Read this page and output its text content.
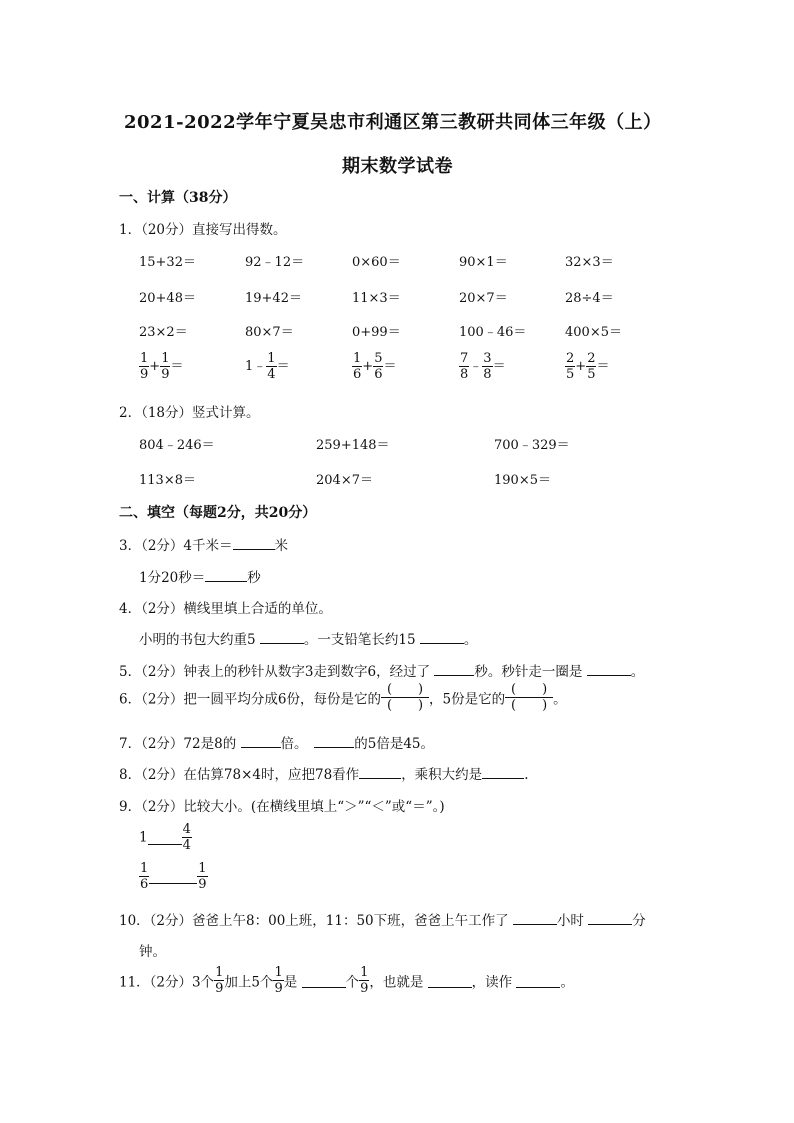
2021-2022学年宁夏吴忠市利通区第三教研共同体三年级（上）
期末数学试卷
一、计算（38分）
1．（20分）直接写出得数。
15+32＝	92﹣12＝	0×60＝	90×1＝	32×3＝
20+48＝	19+42＝	11×3＝	20×7＝	28÷4＝
23×2＝	80×7＝	0+99＝	100﹣46＝	400×5＝
$\frac{1}{9} + \frac{1}{9}$ ＝	1﹣ $\frac{1}{4}$ ＝	$\frac{1}{6} + \frac{5}{6}$ ＝	$\frac{7}{8}$ ﹣ $\frac{3}{8}$ ＝	$\frac{2}{5} + \frac{2}{5}$ ＝
2．（18分）竖式计算。
804﹣246＝	259+148＝	700﹣329＝
113×8＝	204×7＝	190×5＝
二、填空（每题2分，共20分）
3．（2分）4千米＝	米
1分20秒＝	秒
4．（2分）横线里填上合适的单位。
小明的书包大约重5	。一支铅笔长约15	。
5．（2分）钟表上的秒针从数字3走到数字6，经过了	秒。秒针走一圈是	。
6．（2分）把一圆平均分成6份，每份是它的 $\frac{( )}{( )}$ ，5份是它的 $\frac{( )}{( )}$ 。
7．（2分）72是8的	倍。　	的5倍是45。
8．（2分）在估算78×4时，应把78看作	，乘积大约是	.
9．（2分）比较大小。(在横线里填上“＞”“＜”或“＝”。)
1	$\frac{4}{4}$
$\frac{1}{6}$	$\frac{1}{9}$
10．（2分）爸爸上午8：00上班，11：50下班，爸爸上午工作了	小时	分
钟。
11．（2分）3个 $\frac{1}{9}$ 加上5个 $\frac{1}{9}$ 是	个 $\frac{1}{9}$ ，也就是	，读作	。
